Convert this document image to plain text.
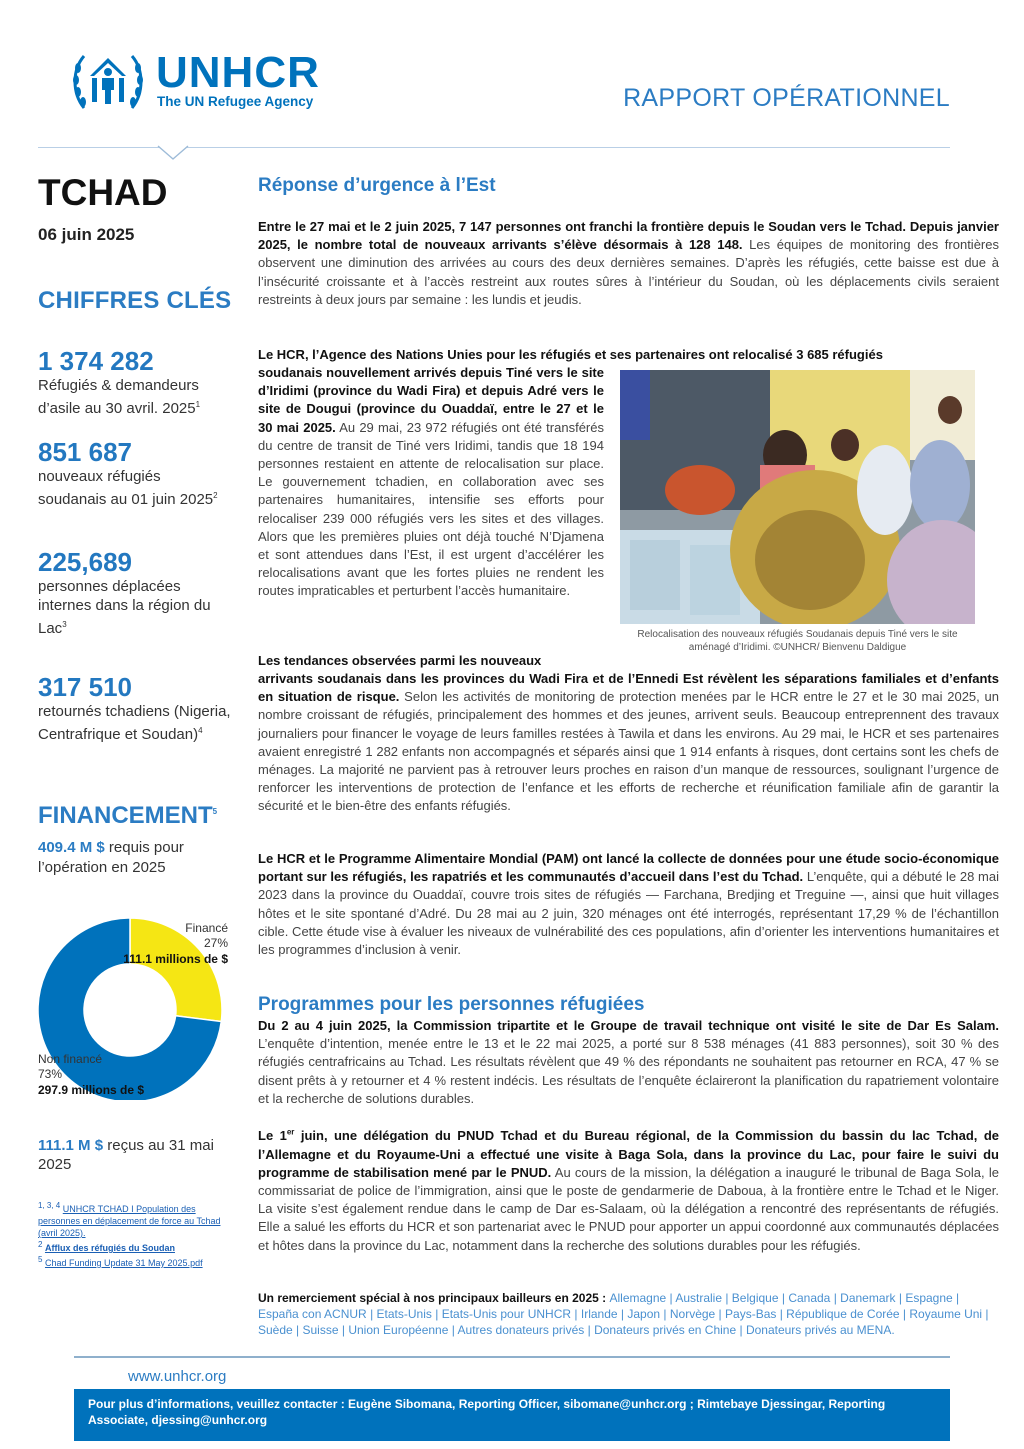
UNHCR
The UN Refugee Agency	RAPPORT OPÉRATIONNEL
TCHAD
06 juin 2025
CHIFFRES CLÉS
1 374 282
Réfugiés & demandeurs d’asile au 30 avril. 2025$^1$
851 687
nouveaux réfugiés soudanais au 01 juin 2025$^2$
225,689
personnes déplacées internes dans la région du Lac$^3$
317 510
retournés tchadiens (Nigeria, Centrafrique et Soudan)$^4$
FINANCEMENT$^5$
409.4 M $ requis pour l’opération en 2025
Financé
27%
111.1 millions de $
Non financé
73%
297.9 millions de $
111.1 M $ reçus au 31 mai 2025
$^{1, 3, 4}$ UNHCR TCHAD I Population des personnes en déplacement de force au Tchad (avril 2025).
$^2$ Afflux des réfugiés du Soudan
$^5$ Chad Funding Update 31 May 2025.pdf
Réponse d’urgence à l’Est
Entre le 27 mai et le 2 juin 2025, 7 147 personnes ont franchi la frontière depuis le Soudan vers le Tchad. Depuis janvier 2025, le nombre total de nouveaux arrivants s’élève désormais à 128 148. Les équipes de monitoring des frontières observent une diminution des arrivées au cours des deux dernières semaines. D’après les réfugiés, cette baisse est due à l’insécurité croissante et à l’accès restreint aux routes sûres à l’intérieur du Soudan, où les déplacements civils seraient restreints à deux jours par semaine : les lundis et jeudis.
Le HCR, l’Agence des Nations Unies pour les réfugiés et ses partenaires ont relocalisé 3 685 réfugiés
soudanais nouvellement arrivés depuis Tiné vers le site d’Iridimi (province du Wadi Fira) et depuis Adré vers le site de Dougui (province du Ouaddaï, entre le 27 et le 30 mai 2025. Au 29 mai, 23 972 réfugiés ont été transférés du centre de transit de Tiné vers Iridimi, tandis que 18 194 personnes restaient en attente de relocalisation sur place. Le gouvernement tchadien, en collaboration avec ses partenaires humanitaires, intensifie ses efforts pour relocaliser 239 000 réfugiés vers les sites et des villages. Alors que les premières pluies ont déjà touché N’Djamena et sont attendues dans l’Est, il est urgent d’accélérer les relocalisations avant que les fortes pluies ne rendent les routes impraticables et perturbent l’accès humanitaire.
Relocalisation des nouveaux réfugiés Soudanais depuis Tiné vers le site aménagé d’Iridimi. ©UNHCR/ Bienvenu Daldigue
Les tendances observées parmi les nouveaux
arrivants soudanais dans les provinces du Wadi Fira et de l’Ennedi Est révèlent les séparations familiales et d’enfants en situation de risque. Selon les activités de monitoring de protection menées par le HCR entre le 27 et le 30 mai 2025, un nombre croissant de réfugiés, principalement des hommes et des jeunes, arrivent seuls. Beaucoup entreprennent des travaux journaliers pour financer le voyage de leurs familles restées à Tawila et dans les environs. Au 29 mai, le HCR et ses partenaires avaient enregistré 1 282 enfants non accompagnés et séparés ainsi que 1 914 enfants à risques, dont certains sont les chefs de ménages. La majorité ne parvient pas à retrouver leurs proches en raison d’un manque de ressources, soulignant l’urgence de renforcer les interventions de protection de l’enfance et les efforts de recherche et réunification familiale afin de garantir la sécurité et le bien-être des enfants réfugiés.
Le HCR et le Programme Alimentaire Mondial (PAM) ont lancé la collecte de données pour une étude socio-économique portant sur les réfugiés, les rapatriés et les communautés d’accueil dans l’est du Tchad. L’enquête, qui a débuté le 28 mai 2023 dans la province du Ouaddaï, couvre trois sites de réfugiés — Farchana, Bredjing et Treguine —, ainsi que huit villages hôtes et le site spontané d’Adré. Du 28 mai au 2 juin, 320 ménages ont été interrogés, représentant 17,29 % de l’échantillon cible. Cette étude vise à évaluer les niveaux de vulnérabilité des ces populations, afin d’orienter les interventions humanitaires et les programmes d’inclusion à venir.
Programmes pour les personnes réfugiées
Du 2 au 4 juin 2025, la Commission tripartite et le Groupe de travail technique ont visité le site de Dar Es Salam. L’enquête d’intention, menée entre le 13 et le 22 mai 2025, a porté sur 8 538 ménages (41 883 personnes), soit 30 % des réfugiés centrafricains au Tchad. Les résultats révèlent que 49 % des répondants ne souhaitent pas retourner en RCA, 47 % se disent prêts à y retourner et 4 % restent indécis. Les résultats de l’enquête éclaireront la planification du rapatriement volontaire et la recherche de solutions durables.
Le 1er juin, une délégation du PNUD Tchad et du Bureau régional, de la Commission du bassin du lac Tchad, de l’Allemagne et du Royaume-Uni a effectué une visite à Baga Sola, dans la province du Lac, pour faire le suivi du programme de stabilisation mené par le PNUD. Au cours de la mission, la délégation a inauguré le tribunal de Baga Sola, le commissariat de police de l’immigration, ainsi que le poste de gendarmerie de Daboua, à la frontière entre le Tchad et le Niger. La visite s’est également rendue dans le camp de Dar es-Salaam, où la délégation a rencontré des représentants de réfugiés. Elle a salué les efforts du HCR et son partenariat avec le PNUD pour apporter un appui coordonné aux communautés déplacées et hôtes dans la province du Lac, notamment dans la recherche des solutions durables pour les réfugiés.
Un remerciement spécial à nos principaux bailleurs en 2025 : Allemagne | Australie | Belgique | Canada | Danemark | Espagne | España con ACNUR | Etats-Unis | Etats-Unis pour UNHCR | Irlande | Japon | Norvège | Pays-Bas | République de Corée | Royaume Uni | Suède | Suisse | Union Européenne | Autres donateurs privés | Donateurs privés en Chine | Donateurs privés au MENA.
www.unhcr.org
Pour plus d’informations, veuillez contacter : Eugène Sibomana, Reporting Officer, sibomane@unhcr.org ; Rimtebaye Djessingar, Reporting Associate, djessing@unhcr.org
